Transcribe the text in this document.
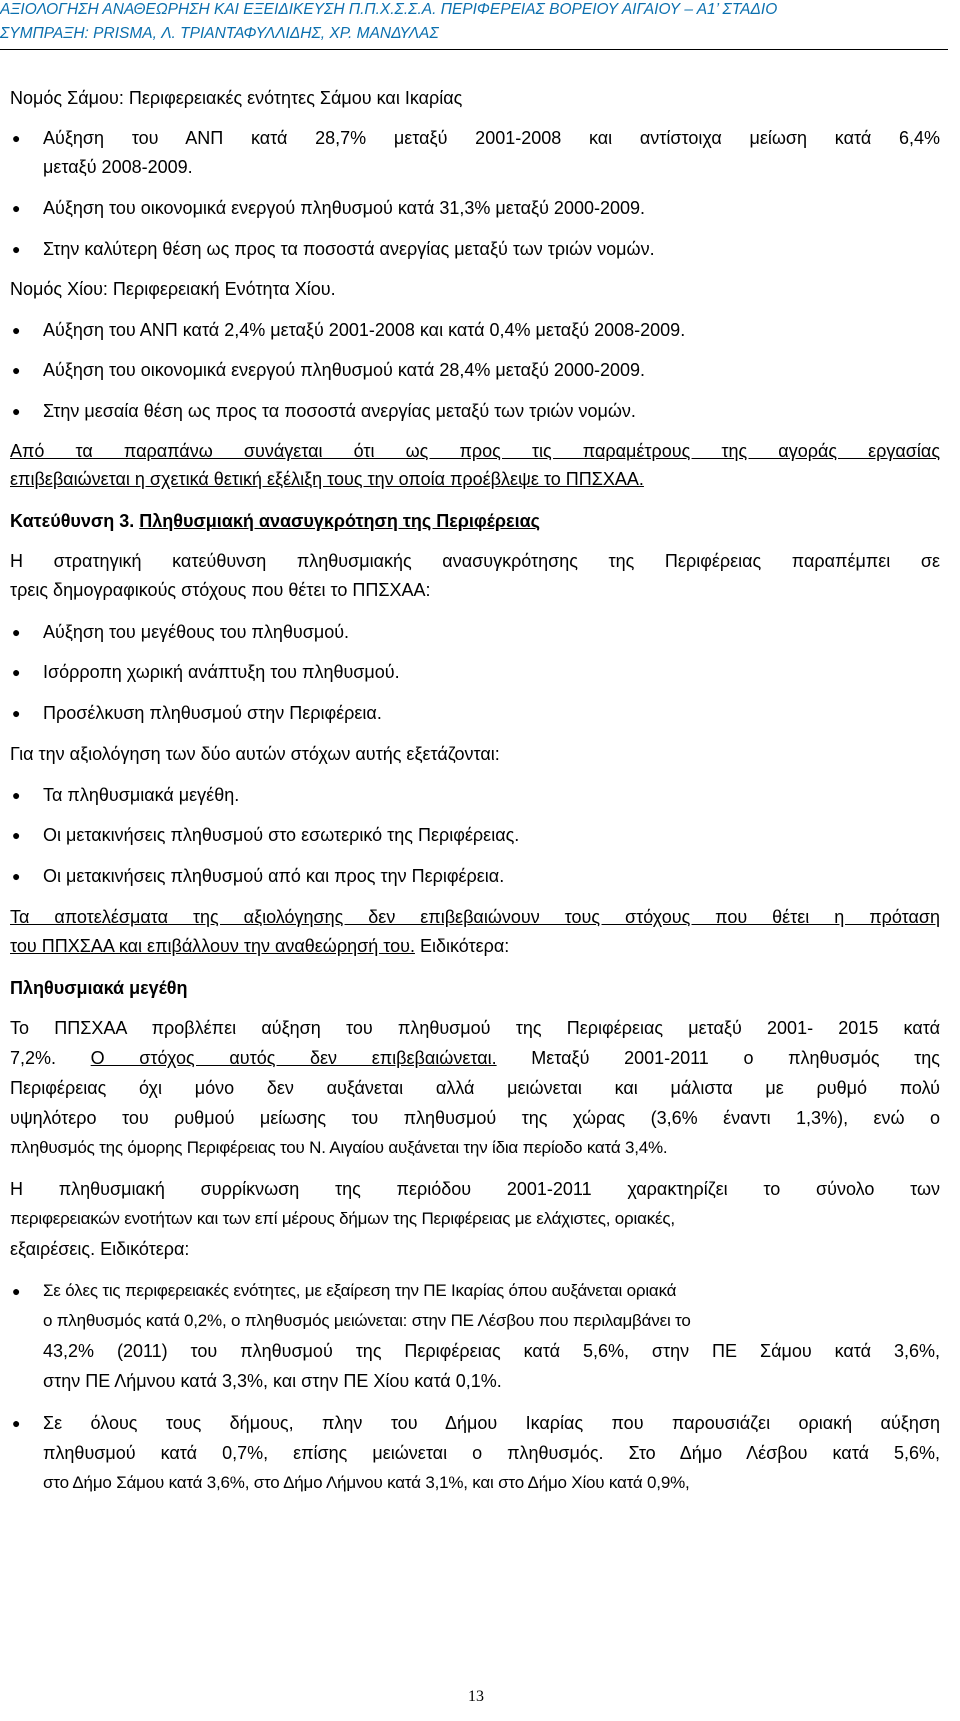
ΑΞΙΟΛΟΓΗΣΗ ΑΝΑΘΕΩΡΗΣΗ ΚΑΙ ΕΞΕΙΔΙΚΕΥΣΗ Π.Π.Χ.Σ.Σ.Α. ΠΕΡΙΦΕΡΕΙΑΣ ΒΟΡΕΙΟΥ ΑΙΓΑΙΟΥ – Α1’ ΣΤΑΔΙΟ
ΣΥΜΠΡΑΞΗ: PRISMA, Λ. ΤΡΙΑΝΤΑΦΥΛΛΙΔΗΣ, ΧΡ. ΜΑΝΔΥΛΑΣ
Νομός Σάμου: Περιφερειακές ενότητες Σάμου και Ικαρίας
● Αύξηση του ΑΝΠ κατά 28,7% μεταξύ 2001-2008 και αντίστοιχα μείωση κατά 6,4%
μεταξύ 2008-2009.
● Αύξηση του οικονομικά ενεργού πληθυσμού κατά 31,3% μεταξύ 2000-2009.
● Στην καλύτερη θέση ως προς τα ποσοστά ανεργίας μεταξύ των τριών νομών.
Νομός Χίου: Περιφερειακή Ενότητα Χίου.
● Αύξηση του ΑΝΠ κατά 2,4% μεταξύ 2001-2008 και κατά 0,4% μεταξύ 2008-2009.
● Αύξηση του οικονομικά ενεργού πληθυσμού κατά 28,4% μεταξύ 2000-2009.
● Στην μεσαία θέση ως προς τα ποσοστά ανεργίας μεταξύ των τριών νομών.
Από τα παραπάνω συνάγεται ότι ως προς τις παραμέτρους της αγοράς εργασίας
επιβεβαιώνεται η σχετικά θετική εξέλιξη τους την οποία προέβλεψε το ΠΠΣΧΑΑ.
Κατεύθυνση 3. Πληθυσμιακή ανασυγκρότηση της Περιφέρειας
Η στρατηγική κατεύθυνση πληθυσμιακής ανασυγκρότησης της Περιφέρειας παραπέμπει σε
τρεις δημογραφικούς στόχους που θέτει το ΠΠΣΧΑΑ:
● Αύξηση του μεγέθους του πληθυσμού.
● Ισόρροπη χωρική ανάπτυξη του πληθυσμού.
● Προσέλκυση πληθυσμού στην Περιφέρεια.
Για την αξιολόγηση των δύο αυτών στόχων αυτής εξετάζονται:
● Τα πληθυσμιακά μεγέθη.
● Οι μετακινήσεις πληθυσμού στο εσωτερικό της Περιφέρειας.
● Οι μετακινήσεις πληθυσμού από και προς την Περιφέρεια.
Τα αποτελέσματα της αξιολόγησης δεν επιβεβαιώνουν τους στόχους που θέτει η πρόταση
του ΠΠΧΣΑΑ και επιβάλλουν την αναθεώρησή του. Ειδικότερα:
Πληθυσμιακά μεγέθη
Το ΠΠΣΧΑΑ προβλέπει αύξηση του πληθυσμού της Περιφέρειας μεταξύ 2001- 2015 κατά
7,2%. Ο στόχος αυτός δεν επιβεβαιώνεται. Μεταξύ 2001-2011 ο πληθυσμός της
Περιφέρειας όχι μόνο δεν αυξάνεται αλλά μειώνεται και μάλιστα με ρυθμό πολύ
υψηλότερο του ρυθμού μείωσης του πληθυσμού της χώρας (3,6% έναντι 1,3%), ενώ ο
πληθυσμός της όμορης Περιφέρειας του Ν. Αιγαίου αυξάνεται την ίδια περίοδο κατά 3,4%.
Η πληθυσμιακή συρρίκνωση της περιόδου 2001-2011 χαρακτηρίζει το σύνολο των
περιφερειακών ενοτήτων και των επί μέρους δήμων της Περιφέρειας με ελάχιστες, οριακές,
εξαιρέσεις. Ειδικότερα:
● Σε όλες τις περιφερειακές ενότητες, με εξαίρεση την ΠΕ Ικαρίας όπου αυξάνεται οριακά
ο πληθυσμός κατά 0,2%, ο πληθυσμός μειώνεται: στην ΠΕ Λέσβου που περιλαμβάνει το
43,2% (2011) του πληθυσμού της Περιφέρειας κατά 5,6%, στην ΠΕ Σάμου κατά 3,6%,
στην ΠΕ Λήμνου κατά 3,3%, και στην ΠΕ Χίου κατά 0,1%.
● Σε όλους τους δήμους, πλην του Δήμου Ικαρίας που παρουσιάζει οριακή αύξηση
πληθυσμού κατά 0,7%, επίσης μειώνεται ο πληθυσμός. Στο Δήμο Λέσβου κατά 5,6%,
στο Δήμο Σάμου κατά 3,6%, στο Δήμο Λήμνου κατά 3,1%, και στο Δήμο Χίου κατά 0,9%,
13
